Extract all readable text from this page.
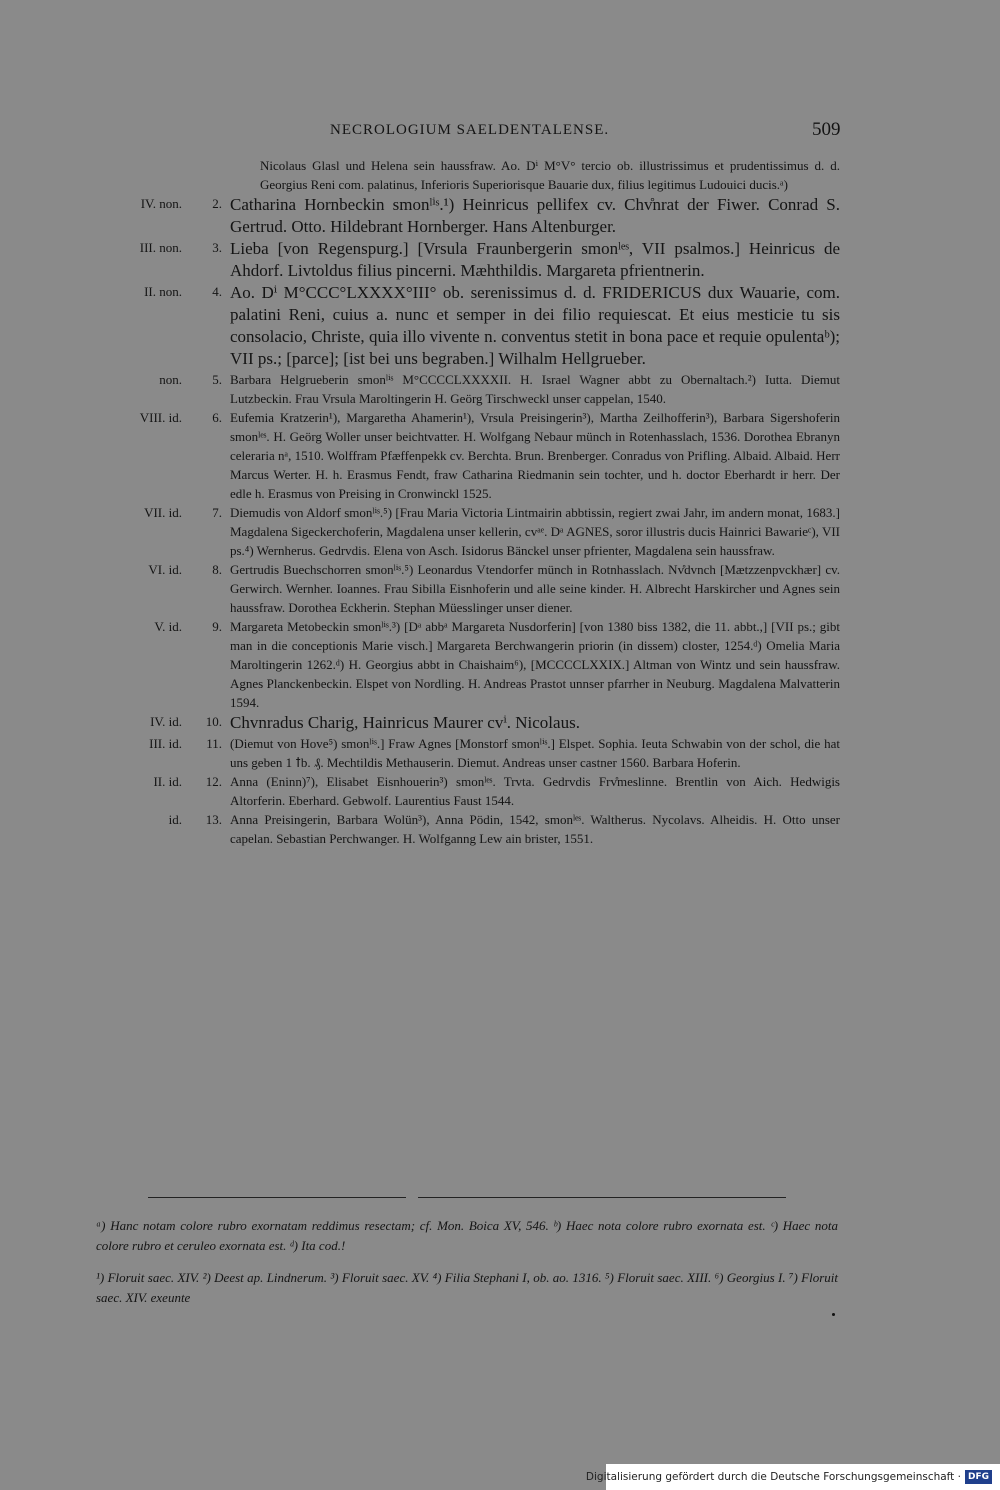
NECROLOGIUM SAELDENTALENSE.	509
Nicolaus Glasl und Helena sein haussfraw. Ao. Dⁱ M°V° tercio ob. illustrissimus et prudentissimus d. d. Georgius Reni com. palatinus, Inferioris Superiorisque Bauarie dux, filius legitimus Ludouici ducis.ᵃ)
IV. non.	2. Catharina Hornbeckin smonˡⁱˢ.¹) Heinricus pellifex cv. Chv̊nrat der Fiwer. Conrad S. Gertrud. Otto. Hildebrant Hornberger. Hans Altenburger.
III. non.	3. Lieba [von Regenspurg.] [Vrsula Fraunbergerin smonˡᵉˢ, VII psalmos.] Heinricus de Ahdorf. Livtoldus filius pincerni. Mæhthildis. Margareta pfrientnerin.
II. non.	4. Ao. Dⁱ M°CCC°LXXXX°III° ob. serenissimus d. d. FRIDERICUS dux Wauarie, com. palatini Reni, cuius a. nunc et semper in dei filio requiescat. Et eius mesticie tu sis consolacio, Christe, quia illo vivente n. conventus stetit in bona pace et requie opulentaᵇ); VII ps.; [parce]; [ist bei uns begraben.] Wilhalm Hellgrueber.
non.	5. Barbara Helgrueberin smonˡⁱˢ M°CCCCLXXXXII. H. Israel Wagner abbt zu Obernaltach.²) Iutta. Diemut Lutzbeckin. Frau Vrsula Maroltingerin H. Geörg Tirschweckl unser cappelan, 1540.
VIII. id.	6. Eufemia Kratzerin¹), Margaretha Ahamerin¹), Vrsula Preisingerin³), Martha Zeilhofferin³), Barbara Sigershoferin smonˡᵉˢ. H. Geörg Woller unser beichtvatter. H. Wolfgang Nebaur münch in Rotenhasslach, 1536. Dorothea Ebranyn celeraria nᵃ, 1510. Wolffram Pfæffenpekk cv. Berchta. Brun. Brenberger. Conradus von Prifling. Albaid. Albaid. Herr Marcus Werter. H. h. Erasmus Fendt, fraw Catharina Riedmanin sein tochter, und h. doctor Eberhardt ir herr. Der edle h. Erasmus von Preising in Cronwinckl 1525.
VII. id.	7. Diemudis von Aldorf smonˡⁱˢ.⁵) [Frau Maria Victoria Lintmairin abbtissin, regiert zwai Jahr, im andern monat, 1683.] Magdalena Sigeckerchoferin, Magdalena unser kellerin, cvᵃᵉ. Dᵃ AGNES, soror illustris ducis Hainrici Bawarieᶜ), VII ps.⁴) Wernherus. Gedrvdis. Elena von Asch. Isidorus Bänckel unser pfrienter, Magdalena sein haussfraw.
VI. id.	8. Gertrudis Buechschorren smonˡⁱˢ.⁵) Leonardus Vtendorfer münch in Rotnhasslach. Nv̊dvnch [Mætzzenpvckhær] cv. Gerwirch. Wernher. Ioannes. Frau Sibilla Eisnhoferin und alle seine kinder. H. Albrecht Harskircher und Agnes sein haussfraw. Dorothea Eckherin. Stephan Müesslinger unser diener.
V. id.	9. Margareta Metobeckin smonˡⁱˢ.³) [Dᵃ abbᵃ Margareta Nusdorferin] [von 1380 biss 1382, die 11. abbt.,] [VII ps.; gibt man in die conceptionis Marie visch.] Margareta Berchwangerin priorin (in dissem) closter, 1254.ᵈ) Omelia Maria Maroltingerin 1262.ᵈ) H. Georgius abbt in Chaishaim⁶), [MCCCCLXXIX.] Altman von Wintz und sein haussfraw. Agnes Planckenbeckin. Elspet von Nordling. H. Andreas Prastot unnser pfarrher in Neuburg. Magdalena Malvatterin 1594.
IV. id.	10. Chvnradus Charig, Hainricus Maurer cvⁱ. Nicolaus.
III. id.	11. (Diemut von Hove⁵) smonˡⁱˢ.] Fraw Agnes [Monstorf smonˡⁱˢ.] Elspet. Sophia. Ieuta Schwabin von der schol, die hat uns geben 1 ꝉb. ₰. Mechtildis Methauserin. Diemut. Andreas unser castner 1560. Barbara Hoferin.
II. id.	12. Anna (Eninn)⁷), Elisabet Eisnhouerin³) smonˡᵉˢ. Trvta. Gedrvdis Frv̊meslinne. Brentlin von Aich. Hedwigis Altorferin. Eberhard. Gebwolf. Laurentius Faust 1544.
id.	13. Anna Preisingerin, Barbara Wolün³), Anna Pödin, 1542, smonˡᵉˢ. Waltherus. Nycolavs. Alheidis. H. Otto unser capelan. Sebastian Perchwanger. H. Wolfganng Lew ain brister, 1551.
ᵃ) Hanc notam colore rubro exornatam reddimus resectam; cf. Mon. Boica XV, 546. ᵇ) Haec nota colore rubro exornata est. ᶜ) Haec nota colore rubro et ceruleo exornata est. ᵈ) Ita cod.!
¹) Floruit saec. XIV. ²) Deest ap. Lindnerum. ³) Floruit saec. XV. ⁴) Filia Stephani I, ob. ao. 1316. ⁵) Floruit saec. XIII. ⁶) Georgius I. ⁷) Floruit saec. XIV. exeunte
Digitalisierung gefördert durch die Deutsche Forschungsgemeinschaft · DFG
